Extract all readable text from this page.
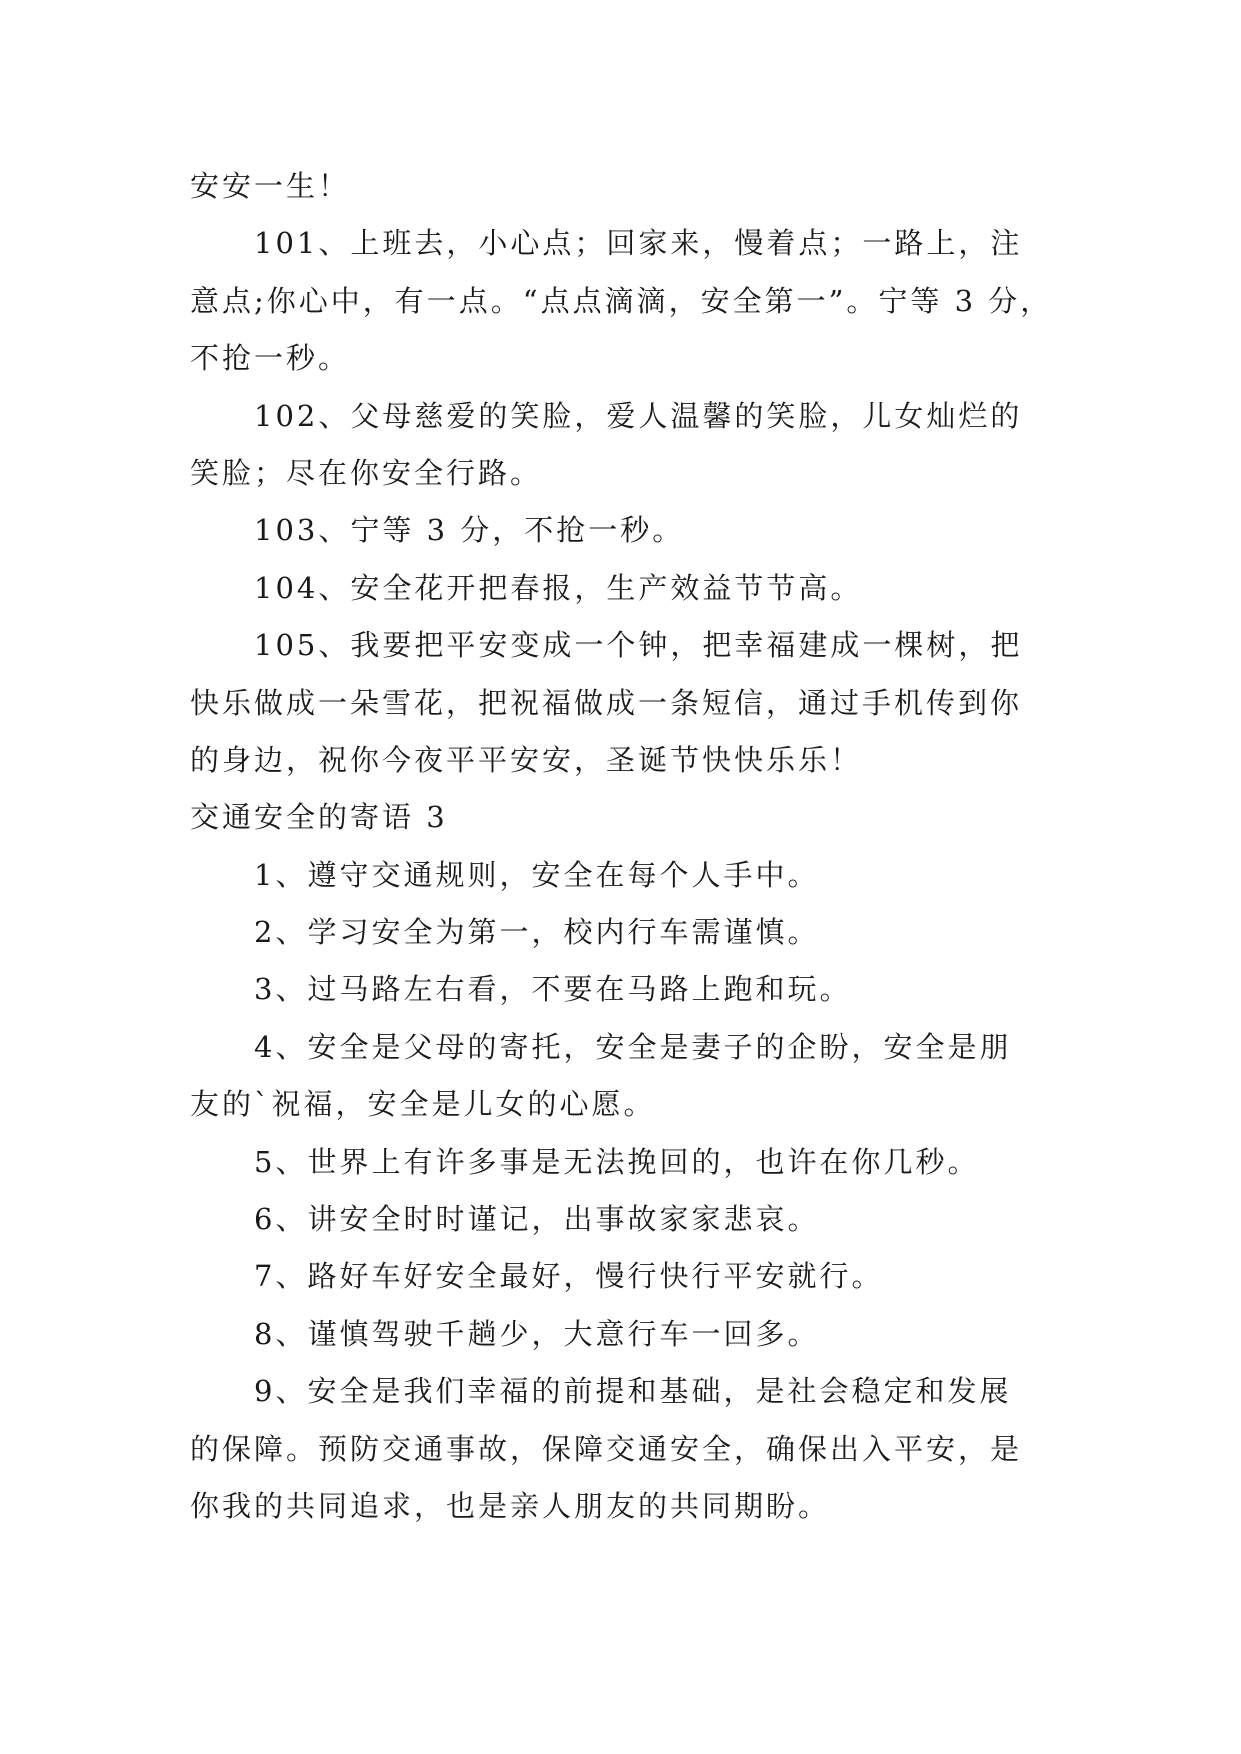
安安一生！
101、上班去，小心点；回家来，慢着点；一路上，注
意点;你心中，有一点。“点点滴滴，安全第一”。宁等 3 分，
不抢一秒。
102、父母慈爱的笑脸，爱人温馨的笑脸，儿女灿烂的
笑脸；尽在你安全行路。
103、宁等 3 分，不抢一秒。
104、安全花开把春报，生产效益节节高。
105、我要把平安变成一个钟，把幸福建成一棵树，把
快乐做成一朵雪花，把祝福做成一条短信，通过手机传到你
的身边，祝你今夜平平安安，圣诞节快快乐乐！
交通安全的寄语 3
1、遵守交通规则，安全在每个人手中。
2、学习安全为第一，校内行车需谨慎。
3、过马路左右看，不要在马路上跑和玩。
4、安全是父母的寄托，安全是妻子的企盼，安全是朋
友的`祝福，安全是儿女的心愿。
5、世界上有许多事是无法挽回的，也许在你几秒。
6、讲安全时时谨记，出事故家家悲哀。
7、路好车好安全最好，慢行快行平安就行。
8、谨慎驾驶千趟少，大意行车一回多。
9、安全是我们幸福的前提和基础，是社会稳定和发展
的保障。预防交通事故，保障交通安全，确保出入平安，是
你我的共同追求，也是亲人朋友的共同期盼。
